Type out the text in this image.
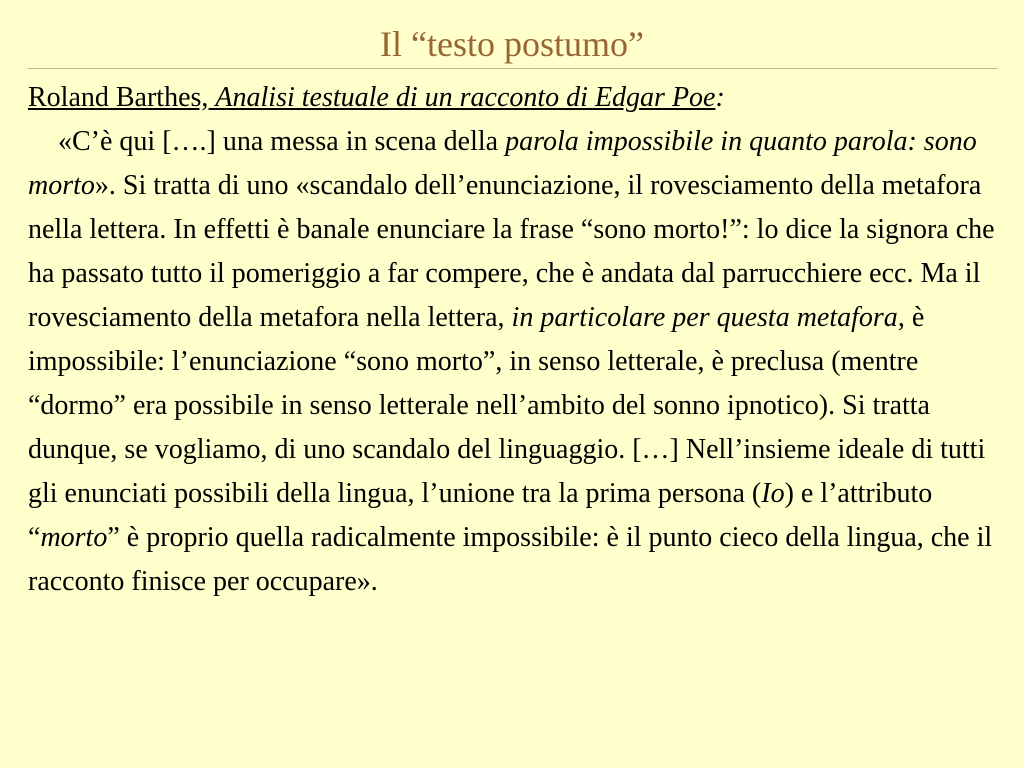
Il “testo postumo”

Roland Barthes, Analisi testuale di un racconto di Edgar Poe:

«C’è qui [….] una messa in scena della parola impossibile in quanto parola: sono morto». Si tratta di uno «scandalo dell’enunciazione, il rovesciamento della metafora nella lettera. In effetti è banale enunciare la frase “sono morto!”: lo dice la signora che ha passato tutto il pomeriggio a far compere, che è andata dal parrucchiere ecc. Ma il rovesciamento della metafora nella lettera, in particolare per questa metafora, è impossibile: l’enunciazione “sono morto”, in senso letterale, è preclusa (mentre “dormo” era possibile in senso letterale nell’ambito del sonno ipnotico). Si tratta dunque, se vogliamo, di uno scandalo del linguaggio. […] Nell’insieme ideale di tutti gli enunciati possibili della lingua, l’unione tra la prima persona (Io) e l’attributo “morto” è proprio quella radicalmente impossibile: è il punto cieco della lingua, che il racconto finisce per occupare».
